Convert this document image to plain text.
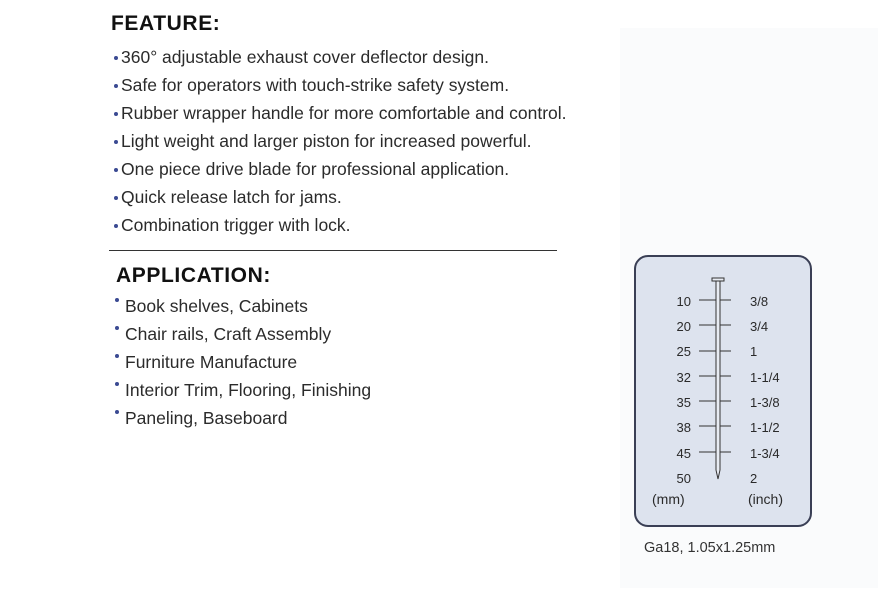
FEATURE:
360° adjustable exhaust cover deflector design.
Safe for operators with touch-strike safety system.
Rubber wrapper handle for more comfortable and control.
Light weight and larger piston for increased powerful.
One piece drive blade for professional application.
Quick release latch for jams.
Combination trigger with lock.
APPLICATION:
Book shelves, Cabinets
Chair rails, Craft Assembly
Furniture Manufacture
Interior Trim, Flooring, Finishing
Paneling, Baseboard
10
20
25
32
35
38
45
50
3/8
3/4
1
1-1/4
1-3/8
1-1/2
1-3/4
2
(mm)	(inch)
Ga18, 1.05x1.25mm
